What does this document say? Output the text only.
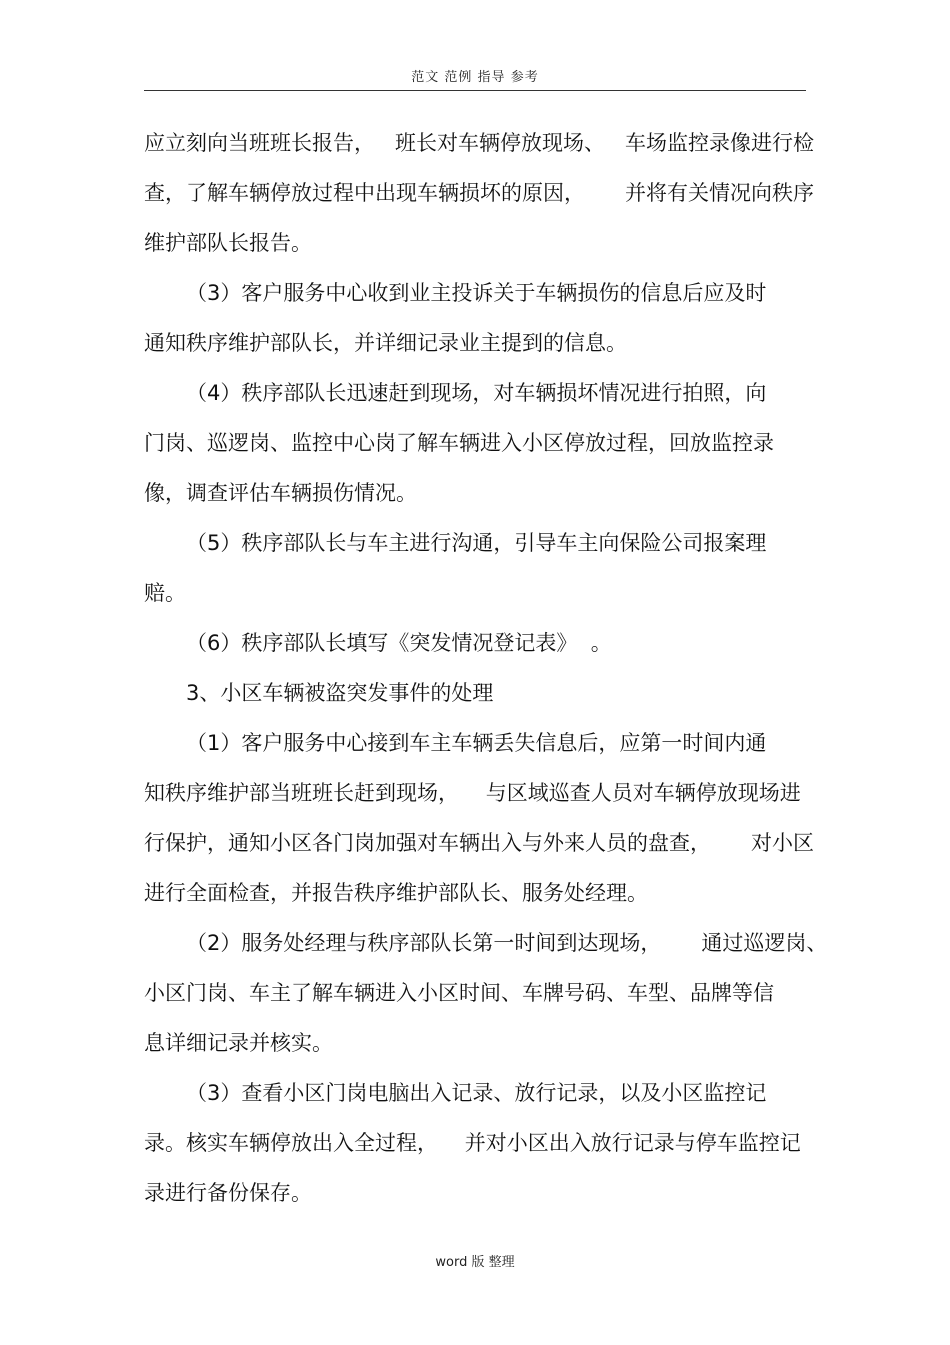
范文 范例 指导 参考
应立刻向当班班长报告，   班长对车辆停放现场、   车场监控录像进行检
查，了解车辆停放过程中出现车辆损坏的原因，      并将有关情况向秩序
维护部队长报告。
（3）客户服务中心收到业主投诉关于车辆损伤的信息后应及时
通知秩序维护部队长，并详细记录业主提到的信息。
（4）秩序部队长迅速赶到现场，对车辆损坏情况进行拍照，向
门岗、巡逻岗、监控中心岗了解车辆进入小区停放过程，回放监控录
像，调查评估车辆损伤情况。
（5）秩序部队长与车主进行沟通，引导车主向保险公司报案理
赔。
（6）秩序部队长填写《突发情况登记表》  。
3、小区车辆被盗突发事件的处理
（1）客户服务中心接到车主车辆丢失信息后，应第一时间内通
知秩序维护部当班班长赶到现场，    与区域巡查人员对车辆停放现场进
行保护，通知小区各门岗加强对车辆出入与外来人员的盘查，      对小区
进行全面检查，并报告秩序维护部队长、服务处经理。
（2）服务处经理与秩序部队长第一时间到达现场，      通过巡逻岗、
小区门岗、车主了解车辆进入小区时间、车牌号码、车型、品牌等信
息详细记录并核实。
（3）查看小区门岗电脑出入记录、放行记录，以及小区监控记
录。核实车辆停放出入全过程，    并对小区出入放行记录与停车监控记
录进行备份保存。
word 版 整理
